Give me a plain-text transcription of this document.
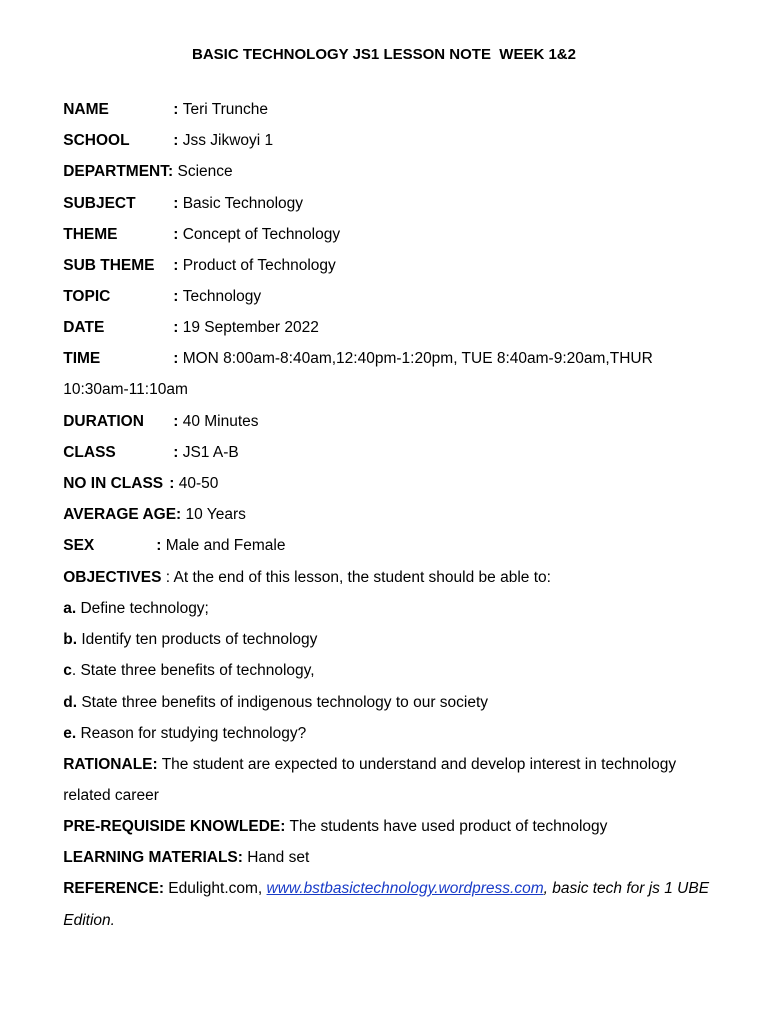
BASIC TECHNOLOGY JS1 LESSON NOTE  WEEK 1&2

NAME	: Teri Trunche

SCHOOL	: Jss Jikwoyi 1

DEPARTMENT: Science

SUBJECT : Basic Technology

THEME	: Concept of Technology

SUB THEME : Product of Technology

TOPIC	: Technology

DATE	: 19 September 2022

TIME	: MON 8:00am-8:40am,12:40pm-1:20pm, TUE 8:40am-9:20am,THUR

10:30am-11:10am

DURATION : 40 Minutes

CLASS	: JS1 A-B

NO IN CLASS : 40-50

AVERAGE AGE: 10 Years

SEX	: Male and Female

OBJECTIVES : At the end of this lesson, the student should be able to:

a. Define technology;

b. Identify ten products of technology

c. State three benefits of technology,

d. State three benefits of indigenous technology to our society

e. Reason for studying technology?

RATIONALE: The student are expected to understand and develop interest in technology

related career

PRE-REQUISIDE KNOWLEDE: The students have used product of technology

LEARNING MATERIALS: Hand set

REFERENCE: Edulight.com, www.bstbasictechnology.wordpress.com, basic tech for js 1 UBE

Edition.
